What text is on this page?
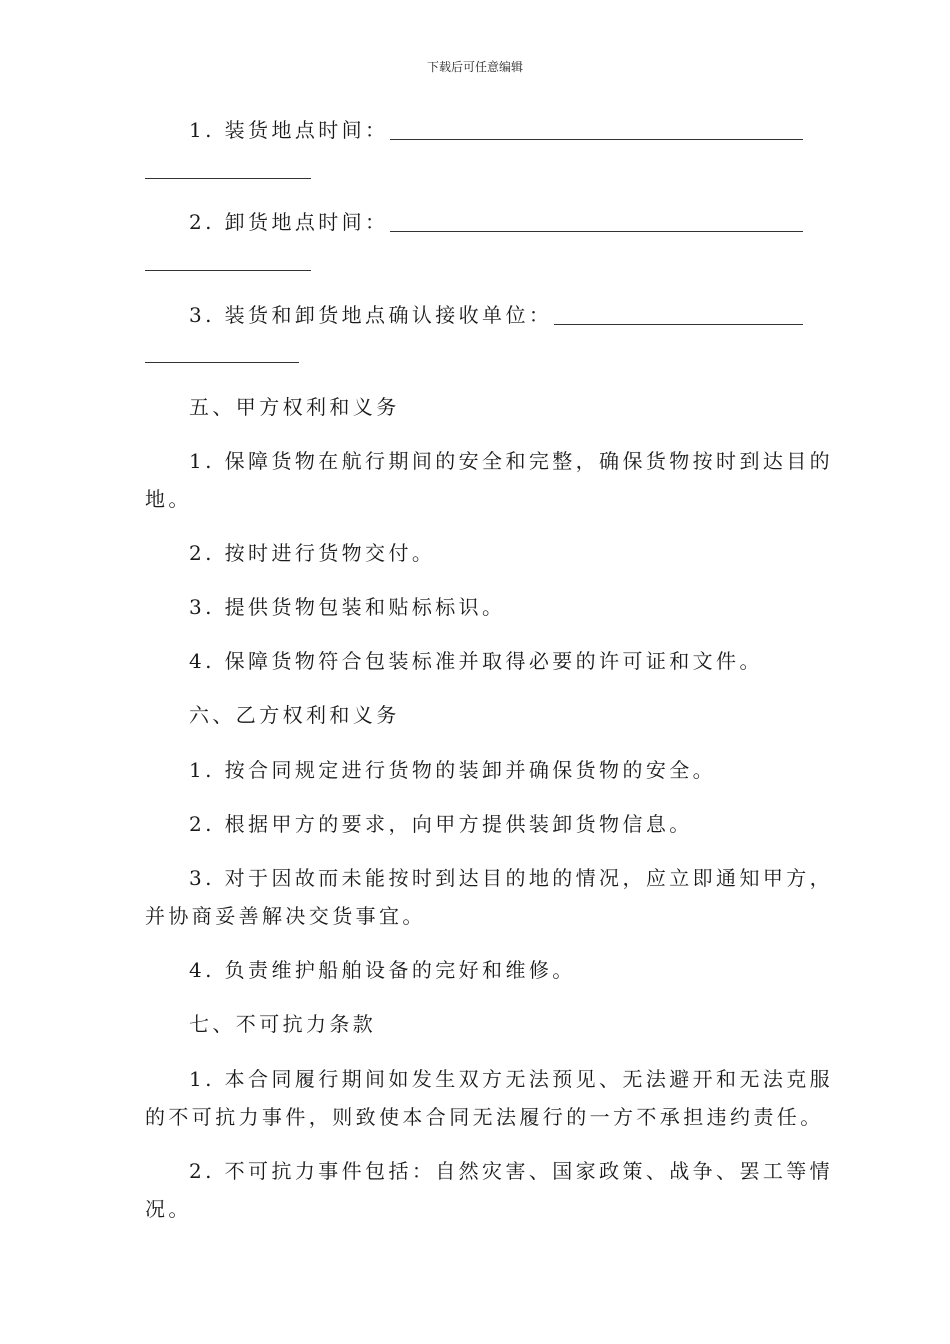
下载后可任意编辑
1. 装货地点时间：
2. 卸货地点时间：
3. 装货和卸货地点确认接收单位：
五、甲方权利和义务
1. 保障货物在航行期间的安全和完整，确保货物按时到达目的
地。
2. 按时进行货物交付。
3. 提供货物包装和贴标标识。
4. 保障货物符合包装标准并取得必要的许可证和文件。
六、乙方权利和义务
1. 按合同规定进行货物的装卸并确保货物的安全。
2. 根据甲方的要求，向甲方提供装卸货物信息。
3. 对于因故而未能按时到达目的地的情况，应立即通知甲方，
并协商妥善解决交货事宜。
4. 负责维护船舶设备的完好和维修。
七、不可抗力条款
1. 本合同履行期间如发生双方无法预见、无法避开和无法克服
的不可抗力事件，则致使本合同无法履行的一方不承担违约责任。
2. 不可抗力事件包括：自然灾害、国家政策、战争、罢工等情
况。
